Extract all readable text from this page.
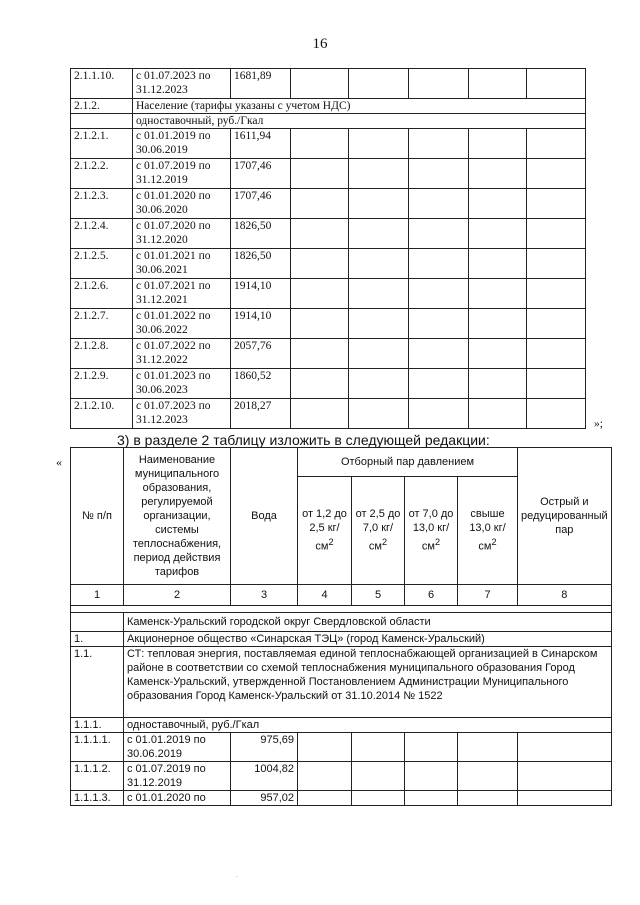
16
2.1.1.10.	с 01.07.2023 по 31.12.2023	1681,89					
2.1.2.	Население (тарифы указаны с учетом НДС)						
	одноставочный, руб./Гкал						
2.1.2.1.	с 01.01.2019 по 30.06.2019	1611,94					
2.1.2.2.	с 01.07.2019 по 31.12.2019	1707,46					
2.1.2.3.	с 01.01.2020 по 30.06.2020	1707,46					
2.1.2.4.	с 01.07.2020 по 31.12.2020	1826,50					
2.1.2.5.	с 01.01.2021 по 30.06.2021	1826,50					
2.1.2.6.	с 01.07.2021 по 31.12.2021	1914,10					
2.1.2.7.	с 01.01.2022 по 30.06.2022	1914,10					
2.1.2.8.	с 01.07.2022 по 31.12.2022	2057,76					
2.1.2.9.	с 01.01.2023 по 30.06.2023	1860,52					
2.1.2.10.	с 01.07.2023 по 31.12.2023	2018,27					
»;
3) в разделе 2 таблицу изложить в следующей редакции:
«
№ п/п	Наименование муниципального образования, регулируемой организации, системы теплоснабжения, период действия тарифов	Вода	Отборный пар давлением				Острый и редуцированный пар
			от 1,2 до 2,5 $кг/см^2$	от 2,5 до 7,0 $кг/см^2$	от 7,0 до 13,0 $кг/см^2$	свыше 13,0 $кг/см^2$
1	2	3	4	5	6	7	8

	Каменск-Уральский городской округ Свердловской области						
1.	Акционерное общество «Синарская ТЭЦ» (город Каменск-Уральский)						
1.1.	СТ: тепловая энергия, поставляемая единой теплоснабжающей организацией в Синарском районе в соответствии со схемой теплоснабжения муниципального образования Город Каменск-Уральский, утвержденной Постановлением Администрации Муниципального образования Город Каменск-Уральский от 31.10.2014 № 1522						
1.1.1.	одноставочный, руб./Гкал						
1.1.1.1.	с 01.01.2019 по 30.06.2019	975,69					
1.1.1.2.	с 01.07.2019 по 31.12.2019	1004,82					
1.1.1.3.	с 01.01.2020 по	957,02					
.
